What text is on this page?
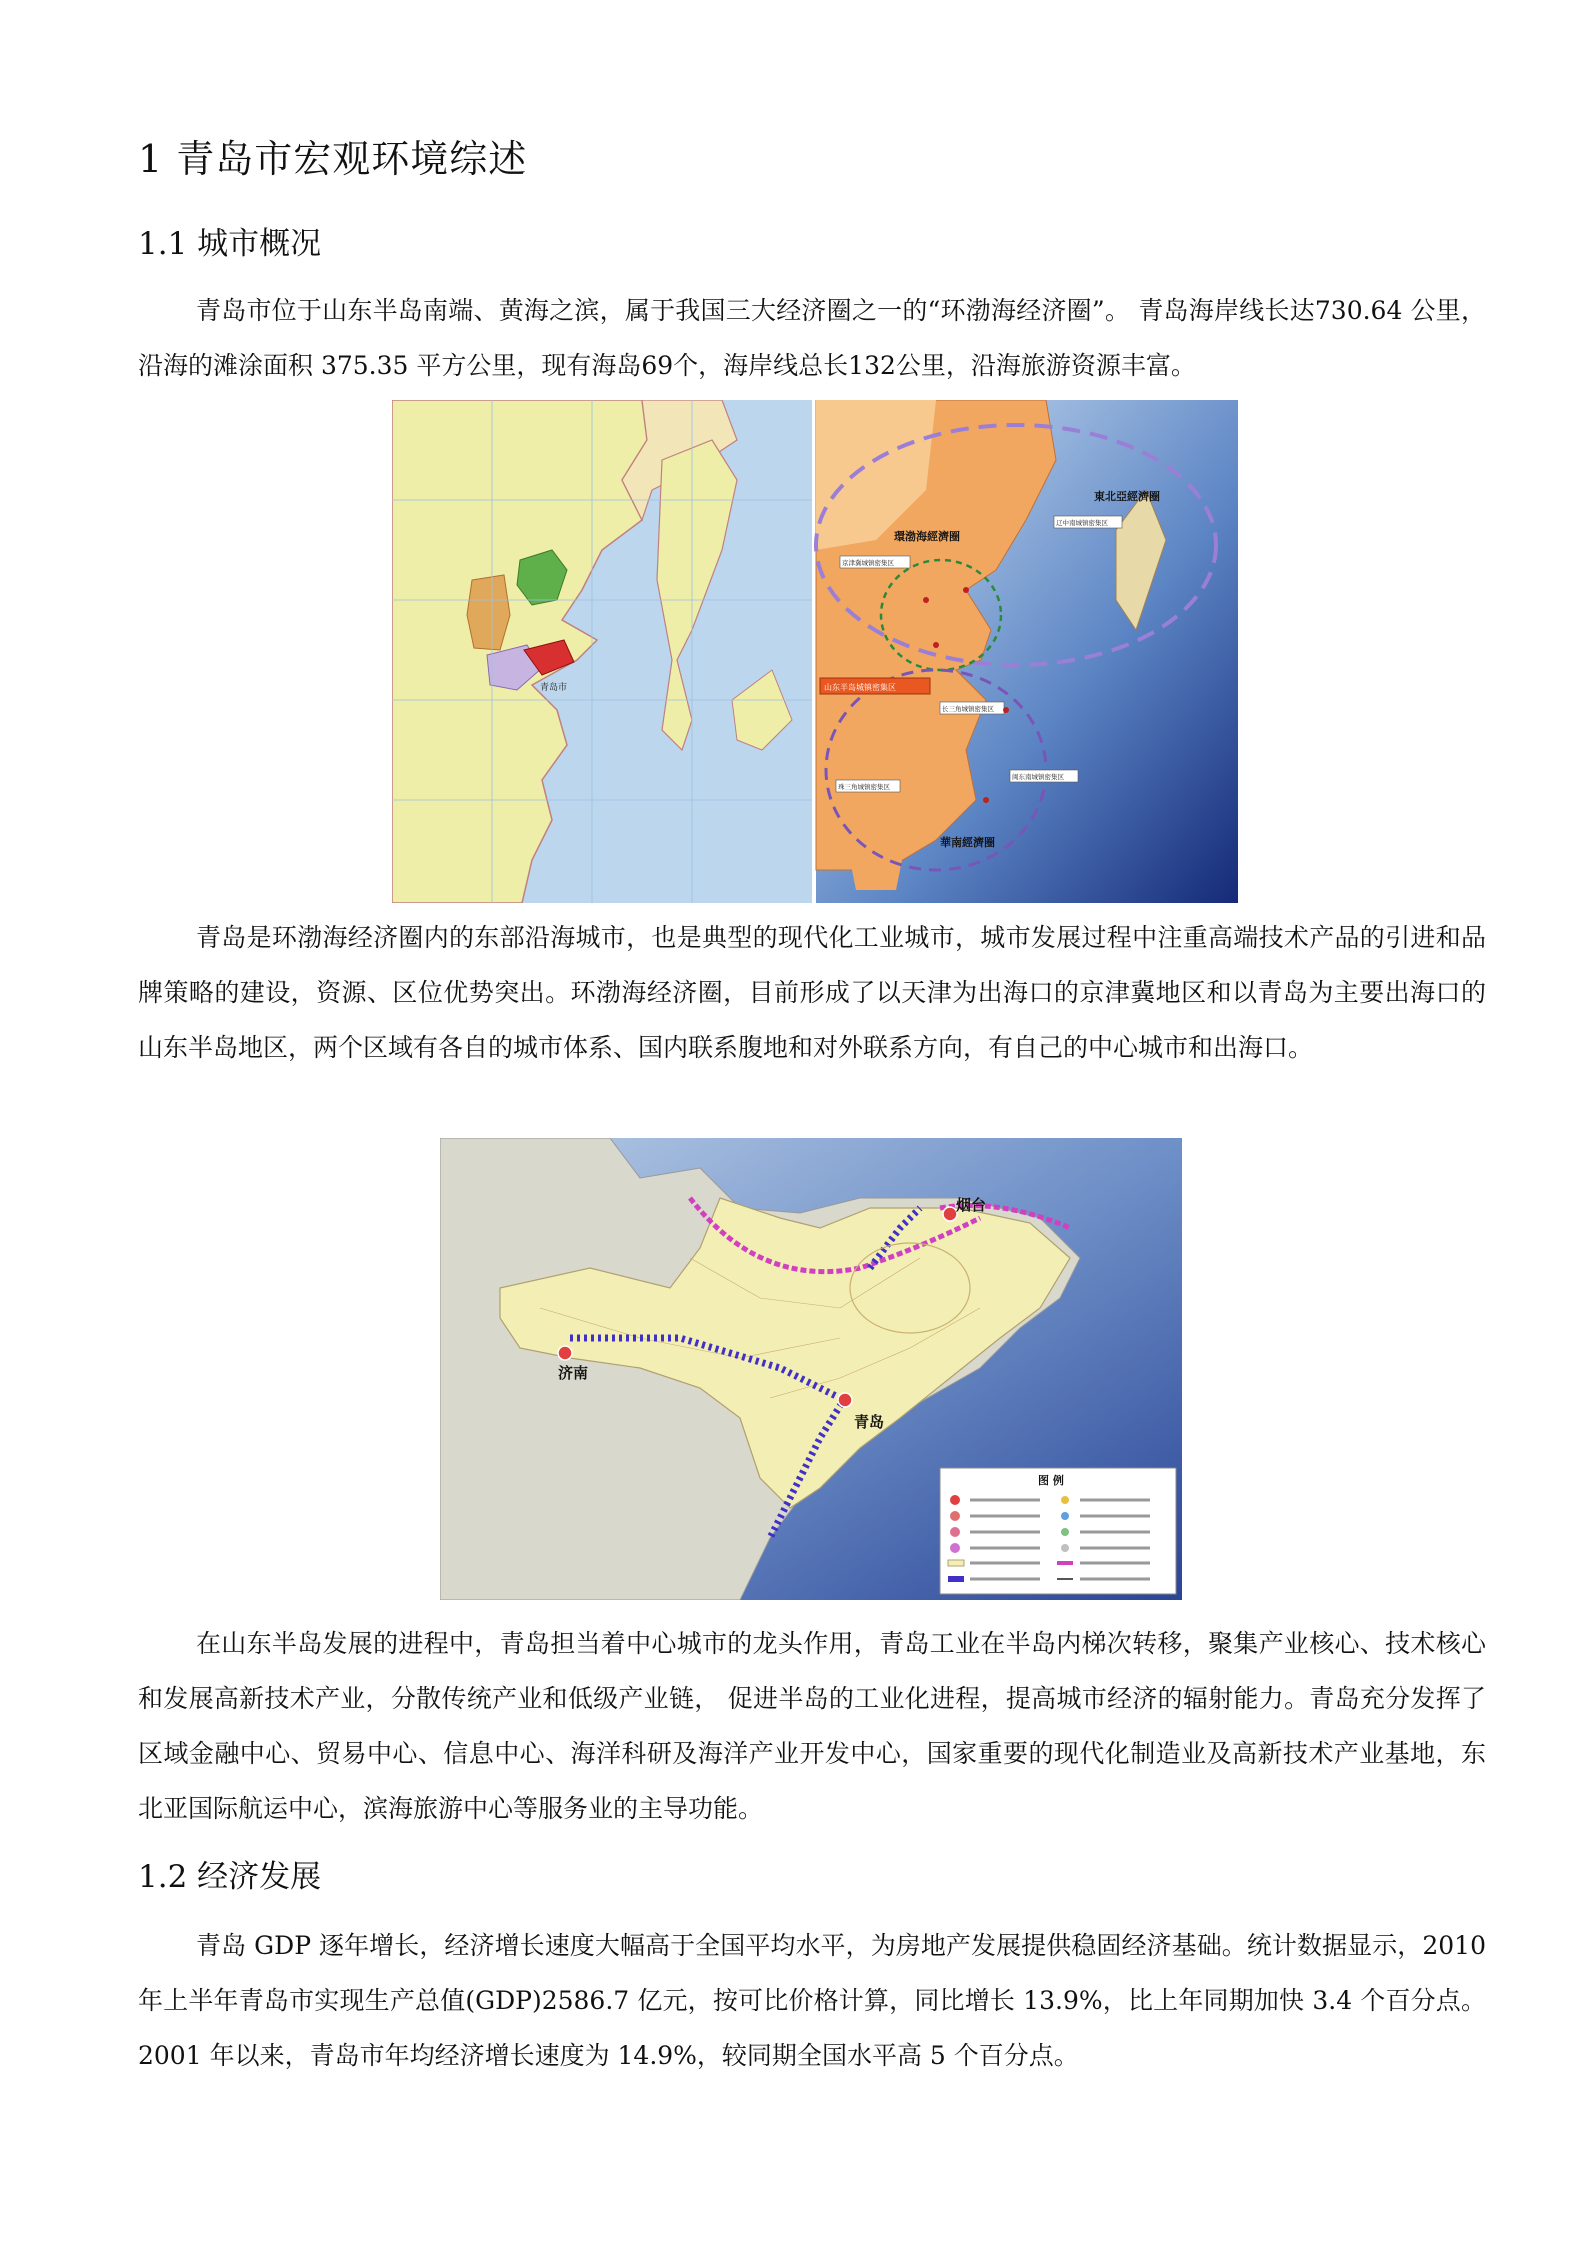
1 青岛市宏观环境综述
1.1 城市概况

青岛市位于山东半岛南端、黄海之滨，属于我国三大经济圈之一的“环渤海经济圈”。 青岛海岸线长达730.64 公里，沿海的滩涂面积 375.35 平方公里，现有海岛69个，海岸线总长132公里，沿海旅游资源丰富。

青岛市
東北亞經濟圈
環渤海經濟圈
華南經濟圈
山东半岛城镇密集区
京津冀城镇密集区
辽中南城镇密集区
长三角城镇密集区
珠三角城镇密集区
闽东南城镇密集区

青岛是环渤海经济圈内的东部沿海城市，也是典型的现代化工业城市，城市发展过程中注重高端技术产品的引进和品牌策略的建设，资源、区位优势突出。环渤海经济圈，目前形成了以天津为出海口的京津冀地区和以青岛为主要出海口的山东半岛地区，两个区域有各自的城市体系、国内联系腹地和对外联系方向，有自己的中心城市和出海口。

烟台
济南
青岛
图 例

在山东半岛发展的进程中，青岛担当着中心城市的龙头作用，青岛工业在半岛内梯次转移，聚集产业核心、技术核心和发展高新技术产业，分散传统产业和低级产业链， 促进半岛的工业化进程，提高城市经济的辐射能力。青岛充分发挥了区域金融中心、贸易中心、信息中心、海洋科研及海洋产业开发中心，国家重要的现代化制造业及高新技术产业基地，东北亚国际航运中心，滨海旅游中心等服务业的主导功能。

1.2 经济发展

青岛 GDP 逐年增长，经济增长速度大幅高于全国平均水平，为房地产发展提供稳固经济基础。统计数据显示，2010 年上半年青岛市实现生产总值(GDP)2586.7 亿元，按可比价格计算，同比增长 13.9%，比上年同期加快 3.4 个百分点。2001 年以来，青岛市年均经济增长速度为 14.9%，较同期全国水平高 5 个百分点。
